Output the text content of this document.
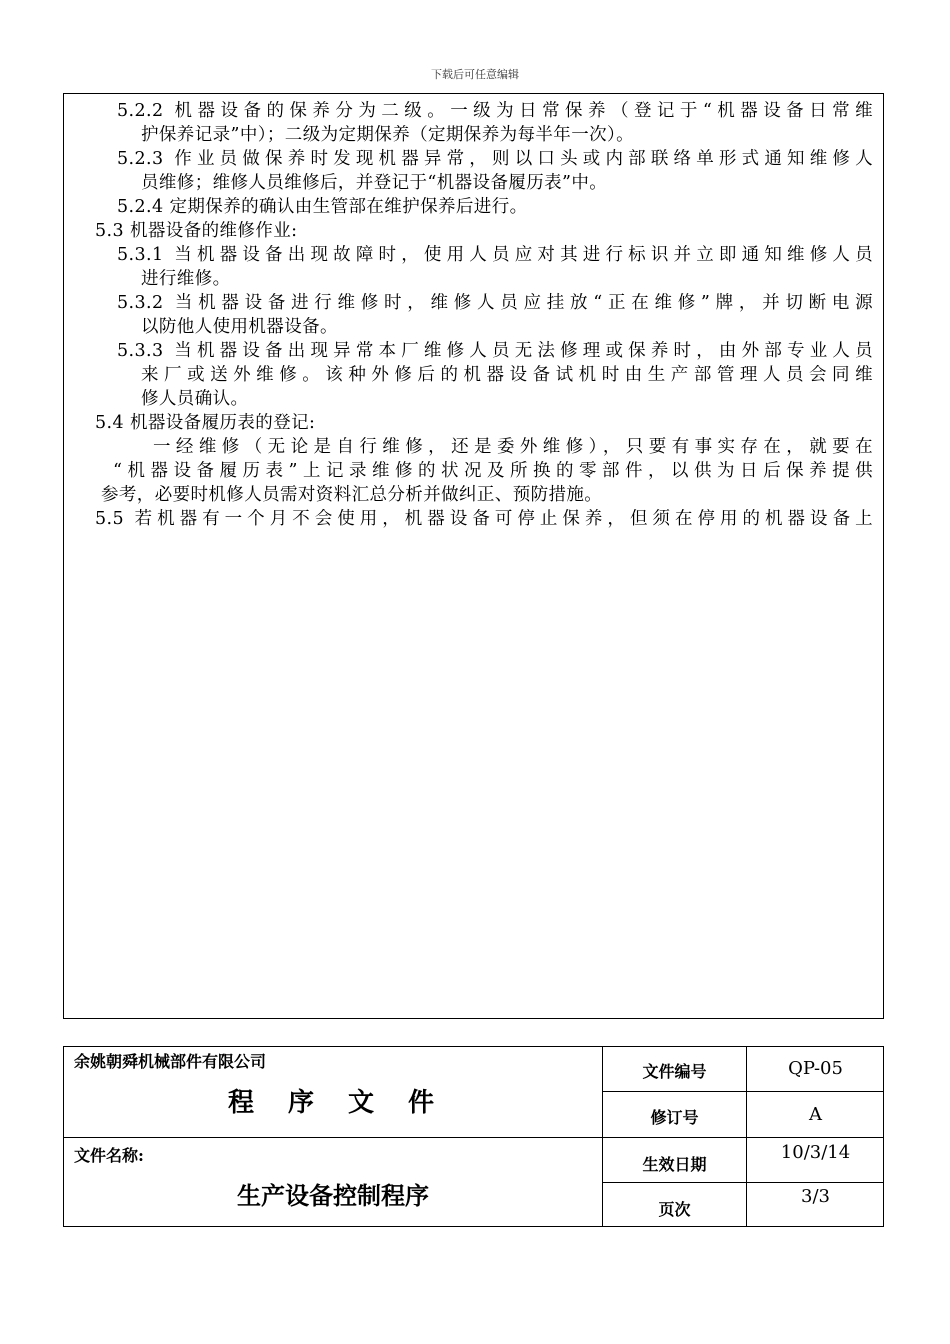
下载后可任意编辑
5.2.2 机器设备的保养分为二级。一级为日常保养（登记于“机器设备日常维
护保养记录”中）；二级为定期保养（定期保养为每半年一次）。
5.2.3 作业员做保养时发现机器异常，则以口头或内部联络单形式通知维修人
员维修；维修人员维修后，并登记于“机器设备履历表”中。
5.2.4 定期保养的确认由生管部在维护保养后进行。
5.3 机器设备的维修作业:
5.3.1 当机器设备出现故障时，使用人员应对其进行标识并立即通知维修人员
进行维修。
5.3.2 当机器设备进行维修时，维修人员应挂放“正在维修”牌，并切断电源
以防他人使用机器设备。
5.3.3 当机器设备出现异常本厂维修人员无法修理或保养时，由外部专业人员
来厂或送外维修。该种外修后的机器设备试机时由生产部管理人员会同维
修人员确认。
5.4 机器设备履历表的登记:
一经维修（无论是自行维修，还是委外维修），只要有事实存在，就要在
“机器设备履历表”上记录维修的状况及所换的零部件，以供为日后保养提供
参考，必要时机修人员需对资料汇总分析并做纠正、预防措施。
5.5 若机器有一个月不会使用，机器设备可停止保养，但须在停用的机器设备上
余姚朝舜机械部件有限公司
程　序　文　件
文件名称:
生产设备控制程序
文件编号	QP-05
修订号	A
生效日期
10/3/14
页次
3/3
